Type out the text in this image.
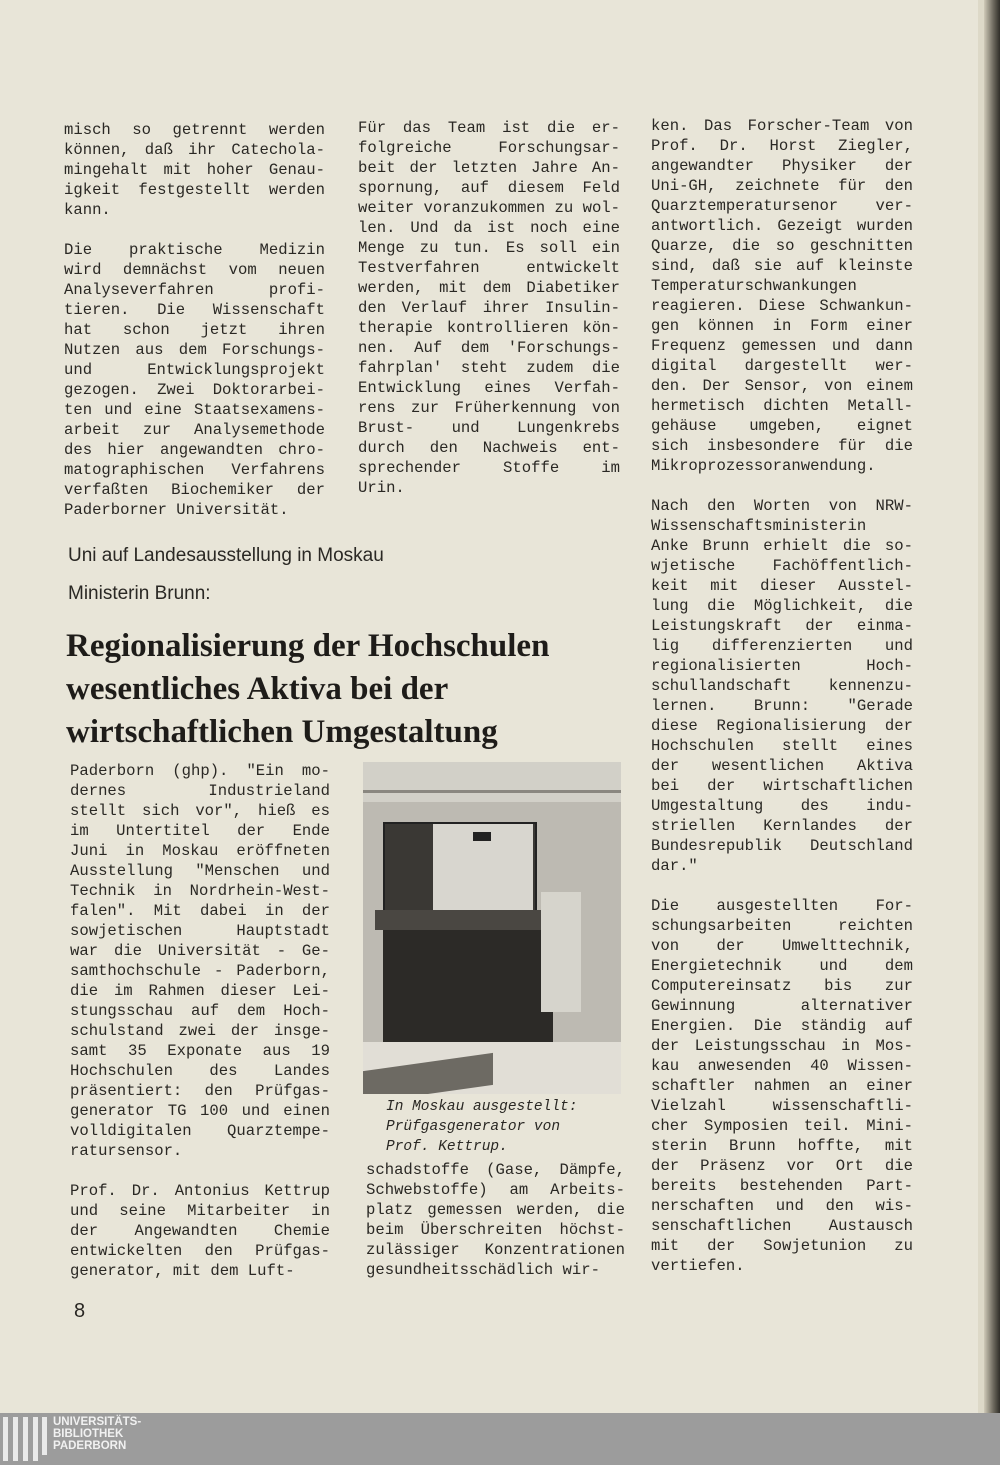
misch so getrennt werden
können, daß ihr Catechola-
mingehalt mit hoher Genau-
igkeit festgestellt werden
kann.
Die praktische Medizin
wird demnächst vom neuen
Analyseverfahren profi-
tieren. Die Wissenschaft
hat schon jetzt ihren
Nutzen aus dem Forschungs-
und Entwicklungsprojekt
gezogen. Zwei Doktorarbei-
ten und eine Staatsexamens-
arbeit zur Analysemethode
des hier angewandten chro-
matographischen Verfahrens
verfaßten Biochemiker der
Paderborner Universität.
Für das Team ist die er-
folgreiche Forschungsar-
beit der letzten Jahre An-
spornung, auf diesem Feld
weiter voranzukommen zu wol-
len. Und da ist noch eine
Menge zu tun. Es soll ein
Testverfahren entwickelt
werden, mit dem Diabetiker
den Verlauf ihrer Insulin-
therapie kontrollieren kön-
nen. Auf dem 'Forschungs-
fahrplan' steht zudem die
Entwicklung eines Verfah-
rens zur Früherkennung von
Brust- und Lungenkrebs
durch den Nachweis ent-
sprechender Stoffe im
Urin.
ken. Das Forscher-Team von
Prof. Dr. Horst Ziegler,
angewandter Physiker der
Uni-GH, zeichnete für den
Quarztemperatursenor ver-
antwortlich. Gezeigt wurden
Quarze, die so geschnitten
sind, daß sie auf kleinste
Temperaturschwankungen
reagieren. Diese Schwankun-
gen können in Form einer
Frequenz gemessen und dann
digital dargestellt wer-
den. Der Sensor, von einem
hermetisch dichten Metall-
gehäuse umgeben, eignet
sich insbesondere für die
Mikroprozessoranwendung.
Nach den Worten von NRW-
Wissenschaftsministerin
Anke Brunn erhielt die so-
wjetische Fachöffentlich-
keit mit dieser Ausstel-
lung die Möglichkeit, die
Leistungskraft der einma-
lig differenzierten und
regionalisierten Hoch-
schullandschaft kennenzu-
lernen. Brunn: "Gerade
diese Regionalisierung der
Hochschulen stellt eines
der wesentlichen Aktiva
bei der wirtschaftlichen
Umgestaltung des indu-
striellen Kernlandes der
Bundesrepublik Deutschland
dar."
Die ausgestellten For-
schungsarbeiten reichten
von der Umwelttechnik,
Energietechnik und dem
Computereinsatz bis zur
Gewinnung alternativer
Energien. Die ständig auf
der Leistungsschau in Mos-
kau anwesenden 40 Wissen-
schaftler nahmen an einer
Vielzahl wissenschaftli-
cher Symposien teil. Mini-
sterin Brunn hoffte, mit
der Präsenz vor Ort die
bereits bestehenden Part-
nerschaften und den wis-
senschaftlichen Austausch
mit der Sowjetunion zu
vertiefen.
Uni auf Landesausstellung in Moskau
Ministerin Brunn:
Regionalisierung der Hochschulen
wesentliches Aktiva bei der
wirtschaftlichen Umgestaltung
Paderborn (ghp). "Ein mo-
dernes Industrieland
stellt sich vor", hieß es
im Untertitel der Ende
Juni in Moskau eröffneten
Ausstellung "Menschen und
Technik in Nordrhein-West-
falen". Mit dabei in der
sowjetischen Hauptstadt
war die Universität - Ge-
samthochschule - Paderborn,
die im Rahmen dieser Lei-
stungsschau auf dem Hoch-
schulstand zwei der insge-
samt 35 Exponate aus 19
Hochschulen des Landes
präsentiert: den Prüfgas-
generator TG 100 und einen
volldigitalen Quarztempe-
ratursensor.
Prof. Dr. Antonius Kettrup
und seine Mitarbeiter in
der Angewandten Chemie
entwickelten den Prüfgas-
generator, mit dem Luft-
In Moskau ausgestellt:
Prüfgasgenerator von
Prof. Kettrup.
schadstoffe (Gase, Dämpfe,
Schwebstoffe) am Arbeits-
platz gemessen werden, die
beim Überschreiten höchst-
zulässiger Konzentrationen
gesundheitsschädlich wir-
8
UNIVERSITÄTS-
BIBLIOTHEK
PADERBORN
